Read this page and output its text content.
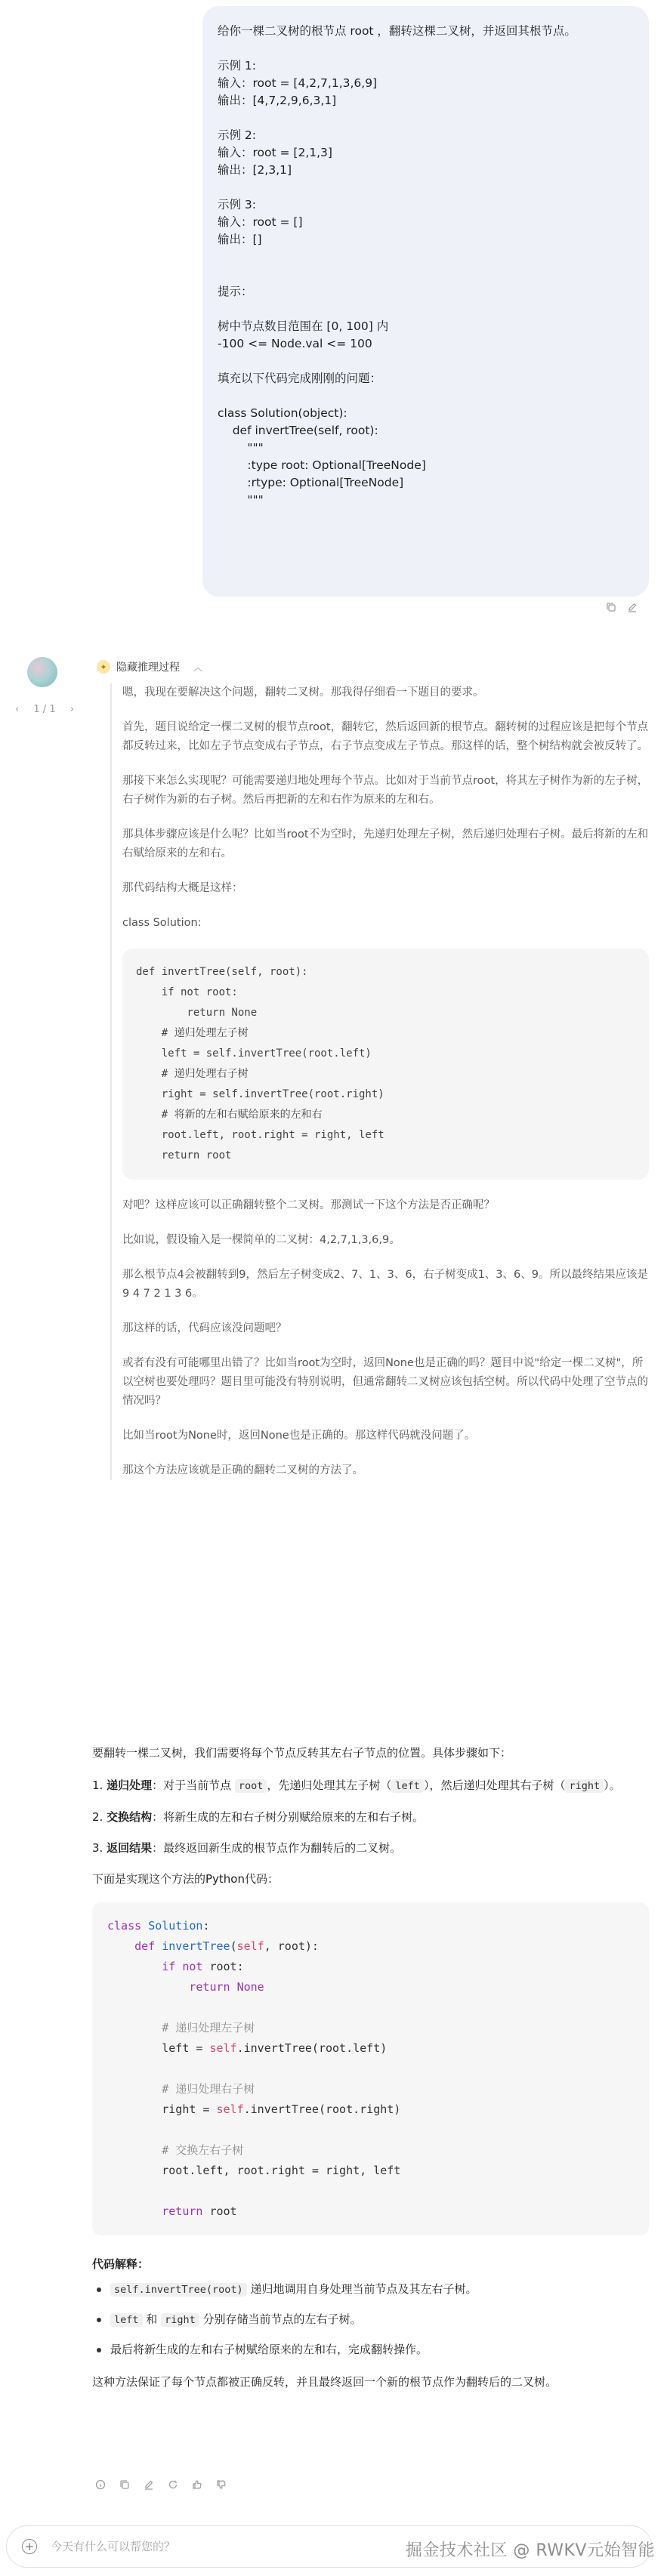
给你一棵二叉树的根节点 root ，翻转这棵二叉树，并返回其根节点。
示例 1:
输入：root = [4,2,7,1,3,6,9]
输出：[4,7,2,9,6,3,1]
示例 2:
输入：root = [2,1,3]
输出：[2,3,1]
示例 3:
输入：root = []
输出：[]
提示：
树中节点数目范围在 [0, 100] 内
-100 <= Node.val <= 100
填充以下代码完成刚刚的问题：
class Solution(object):
def invertTree(self, root):
"""
:type root: Optional[TreeNode]
:rtype: Optional[TreeNode]
"""
‹ 1 / 1 ›
✦ 隐藏推理过程 ︿

嗯，我现在要解决这个问题，翻转二叉树。那我得仔细看一下题目的要求。

首先，题目说给定一棵二叉树的根节点root，翻转它，然后返回新的根节点。翻转树的过程应该是把每个节点都反转过来，比如左子节点变成右子节点，右子节点变成左子节点。那这样的话，整个树结构就会被反转了。

那接下来怎么实现呢？可能需要递归地处理每个节点。比如对于当前节点root，将其左子树作为新的左子树，右子树作为新的右子树。然后再把新的左和右作为原来的左和右。

那具体步骤应该是什么呢？比如当root不为空时，先递归处理左子树，然后递归处理右子树。最后将新的左和右赋给原来的左和右。

那代码结构大概是这样：

class Solution:

def invertTree(self, root):
if not root:
return None
# 递归处理左子树
left = self.invertTree(root.left)
# 递归处理右子树
right = self.invertTree(root.right)
# 将新的左和右赋给原来的左和右
root.left, root.right = right, left
return root

对吧？这样应该可以正确翻转整个二叉树。那测试一下这个方法是否正确呢？

比如说，假设输入是一棵简单的二叉树：4,2,7,1,3,6,9。

那么根节点4会被翻转到9，然后左子树变成2、7、1、3、6，右子树变成1、3、6、9。所以最终结果应该是9 4 7 2 1 3 6。

那这样的话，代码应该没问题吧？

或者有没有可能哪里出错了？比如当root为空时，返回None也是正确的吗？题目中说"给定一棵二叉树"，所以空树也要处理吗？题目里可能没有特别说明，但通常翻转二叉树应该包括空树。所以代码中处理了空节点的情况吗？

比如当root为None时，返回None也是正确的。那这样代码就没问题了。

那这个方法应该就是正确的翻转二叉树的方法了。

要翻转一棵二叉树，我们需要将每个节点反转其左右子节点的位置。具体步骤如下：

1. 递归处理：对于当前节点 root ，先递归处理其左子树（ left ），然后递归处理其右子树（ right ）。
2. 交换结构：将新生成的左和右子树分别赋给原来的左和右子树。
3. 返回结果：最终返回新生成的根节点作为翻转后的二叉树。

下面是实现这个方法的Python代码：

class Solution:
def invertTree(self, root):
if not root:
return None
# 递归处理左子树
left = self.invertTree(root.left)
# 递归处理右子树
right = self.invertTree(root.right)
# 交换左右子树
root.left, root.right = right, left
return root

代码解释：

self.invertTree(root) 递归地调用自身处理当前节点及其左右子树。
left 和 right 分别存储当前节点的左右子树。
最后将新生成的左和右子树赋给原来的左和右，完成翻转操作。

这种方法保证了每个节点都被正确反转，并且最终返回一个新的根节点作为翻转后的二叉树。

+
今天有什么可以帮您的？	掘金技术社区 @ RWKV元始智能
